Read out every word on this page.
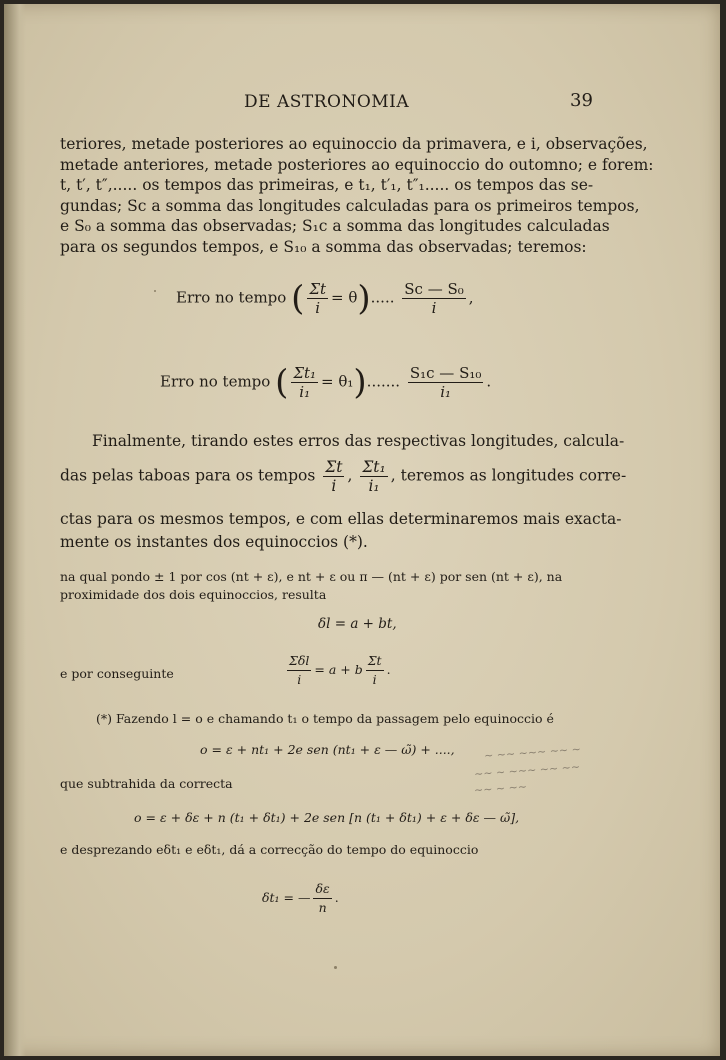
DE ASTRONOMIA	39
teriores, metade posteriores ao equinoccio da primavera, e i, observações,
metade anteriores, metade posteriores ao equinoccio do outomno; e forem:
t, t′, t″,..... os tempos das primeiras, e t₁, t′₁, t″₁..... os tempos das se-
gundas; Sc a somma das longitudes calculadas para os primeiros tempos,
e S₀ a somma das observadas; S₁c a somma das longitudes calculadas
para os segundos tempos, e S₁₀ a somma das observadas; teremos:
Erro no tempo ( $\frac{\Sigma t}{i} = \theta$)..... $\frac{\text{Sc — S₀}}{i}$ ,
Erro no tempo ( $\frac{\text{Σt₁}}{\text{i₁}} = \theta_1$)....... $\frac{\text{S₁c — S₁₀}}{\text{i₁}}$ .
Finalmente, tirando estes erros das respectivas longitudes, calcula-
das pelas taboas para os tempos $\frac{\Sigma t}{i}$ , $\frac{\text{Σt₁}}{\text{i₁}}$ , teremos as longitudes corre-
ctas para os mesmos tempos, e com ellas determinaremos mais exacta-
mente os instantes dos equinoccios (*).
na qual pondo ± 1 por cos (nt + ε), e nt + ε ou π — (nt + ε) por sen (nt + ε), na
proximidade dos dois equinoccios, resulta
δl = a + bt,
e por conseguinte	$\frac{\text{Σδl}}{i} = a + b \frac{\Sigma t}{i}$ .
(*) Fazendo l = o e chamando t₁ o tempo da passagem pelo equinoccio é
o = ε + nt₁ + 2e sen (nt₁ + ε — ω̃) + ....,
que subtrahida da correcta
o = ε + δε + n (t₁ + δt₁) + 2e sen [n (t₁ + δt₁) + ε + δε — ω̃],
e desprezando eδt₁ e eδt₁, dá a correcção do tempo do equinoccio
δt₁ = — $\frac{\delta\varepsilon}{n}$ .
~ ~~ ~~~ ~~ ~
~~ ~ ~~~ ~~ ~~
~~ ~ ~~
